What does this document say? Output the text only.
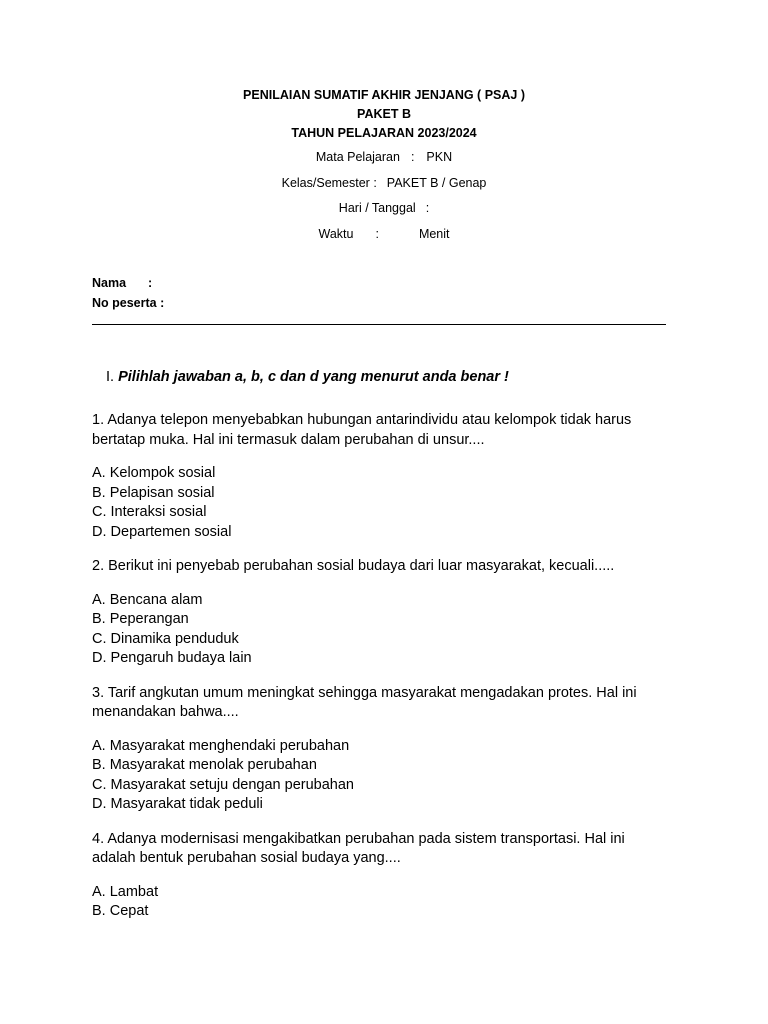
PENILAIAN SUMATIF AKHIR JENJANG ( PSAJ )
PAKET B
TAHUN PELAJARAN 2023/2024
Mata Pelajaran : PKN
Kelas/Semester : PAKET B / Genap
Hari / Tanggal :
Waktu :	Menit
Nama :
No peserta :
I. Pilihlah jawaban a, b, c dan d yang menurut anda benar !
1. Adanya telepon menyebabkan hubungan antarindividu atau kelompok tidak harus
bertatap muka. Hal ini termasuk dalam perubahan di unsur....
A. Kelompok sosial
B. Pelapisan sosial
C. Interaksi sosial
D. Departemen sosial
2. Berikut ini penyebab perubahan sosial budaya dari luar masyarakat, kecuali.....
A. Bencana alam
B. Peperangan
C. Dinamika penduduk
D. Pengaruh budaya lain
3. Tarif angkutan umum meningkat sehingga masyarakat mengadakan protes. Hal ini
menandakan bahwa....
A. Masyarakat menghendaki perubahan
B. Masyarakat menolak perubahan
C. Masyarakat setuju dengan perubahan
D. Masyarakat tidak peduli
4. Adanya modernisasi mengakibatkan perubahan pada sistem transportasi. Hal ini
adalah bentuk perubahan sosial budaya yang....
A. Lambat
B. Cepat
